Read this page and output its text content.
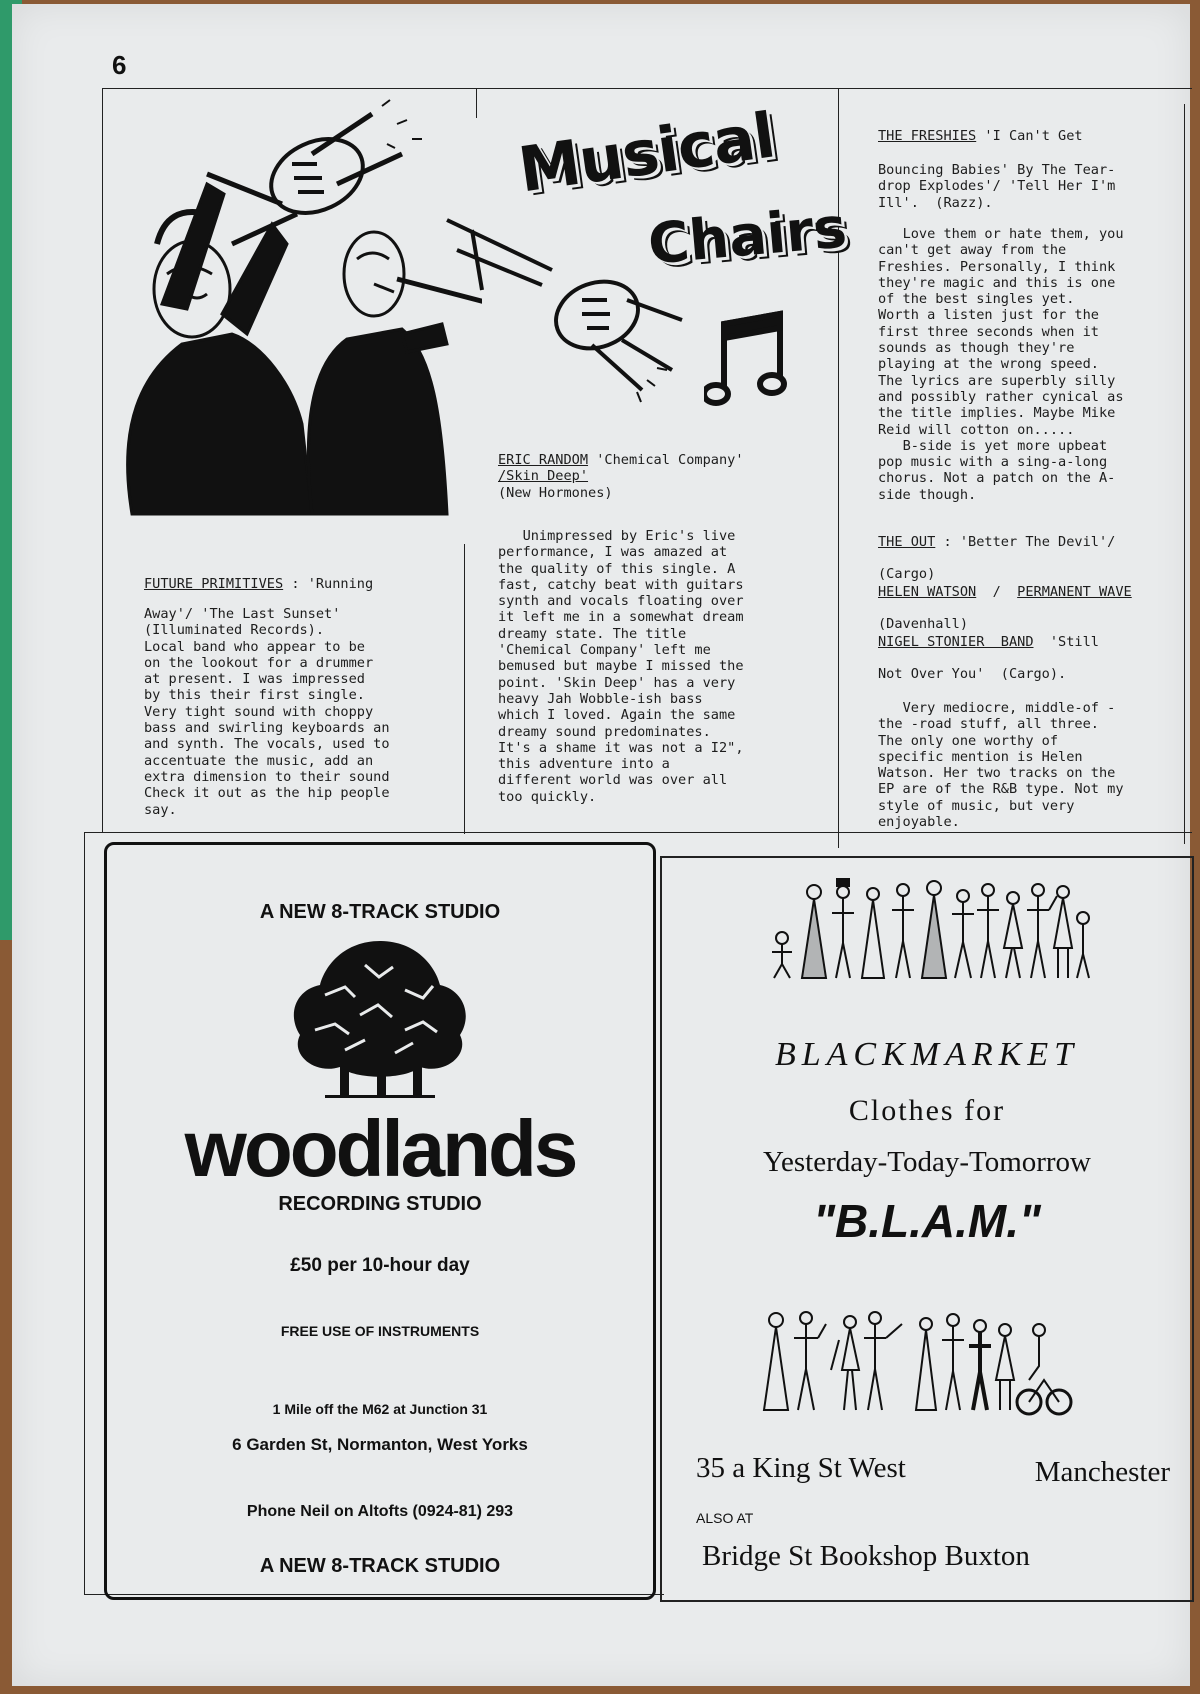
6
Musical
Chairs
FUTURE PRIMITIVES : 'Running
Away'/ 'The Last Sunset'
(Illuminated Records).
Local band who appear to be
on the lookout for a drummer
at present. I was impressed
by this their first single.
Very tight sound with choppy
bass and swirling keyboards an
and synth. The vocals, used to
accentuate the music, add an
extra dimension to their sound
Check it out as the hip people
say.
ERIC RANDOM 'Chemical Company'
/Skin Deep'
(New Hormones)
Unimpressed by Eric's live
performance, I was amazed at
the quality of this single. A
fast, catchy beat with guitars
synth and vocals floating over
it left me in a somewhat dream
dreamy state. The title
'Chemical Company' left me
bemused but maybe I missed the
point. 'Skin Deep' has a very
heavy Jah Wobble-ish bass
which I loved. Again the same
dreamy sound predominates.
It's a shame it was not a I2",
this adventure into a
different world was over all
too quickly.
THE FRESHIES 'I Can't Get
Bouncing Babies' By The Tear-
drop Explodes'/ 'Tell Her I'm
Ill'.  (Razz).
Love them or hate them, you
can't get away from the
Freshies. Personally, I think
they're magic and this is one
of the best singles yet.
Worth a listen just for the
first three seconds when it
sounds as though they're
playing at the wrong speed.
The lyrics are superbly silly
and possibly rather cynical as
the title implies. Maybe Mike
Reid will cotton on.....
B-side is yet more upbeat
pop music with a sing-a-long
chorus. Not a patch on the A-
side though.
THE OUT : 'Better The Devil'/
(Cargo)
HELEN WATSON  /  PERMANENT WAVE
(Davenhall)
NIGEL STONIER  BAND  'Still
Not Over You'  (Cargo).
Very mediocre, middle-of -
the -road stuff, all three.
The only one worthy of
specific mention is Helen
Watson. Her two tracks on the
EP are of the R&B type. Not my
style of music, but very
enjoyable.
A NEW 8-TRACK STUDIO
woodlands
RECORDING STUDIO
£50 per 10-hour day
FREE USE OF INSTRUMENTS
1 Mile off the M62 at Junction 31
6 Garden St, Normanton, West Yorks
Phone Neil on Altofts (0924-81) 293
A NEW 8-TRACK STUDIO
BLACKMARKET
Clothes for
Yesterday-Today-Tomorrow
"B.L.A.M."
35 a King St West	Manchester
ALSO AT
Bridge St Bookshop Buxton
